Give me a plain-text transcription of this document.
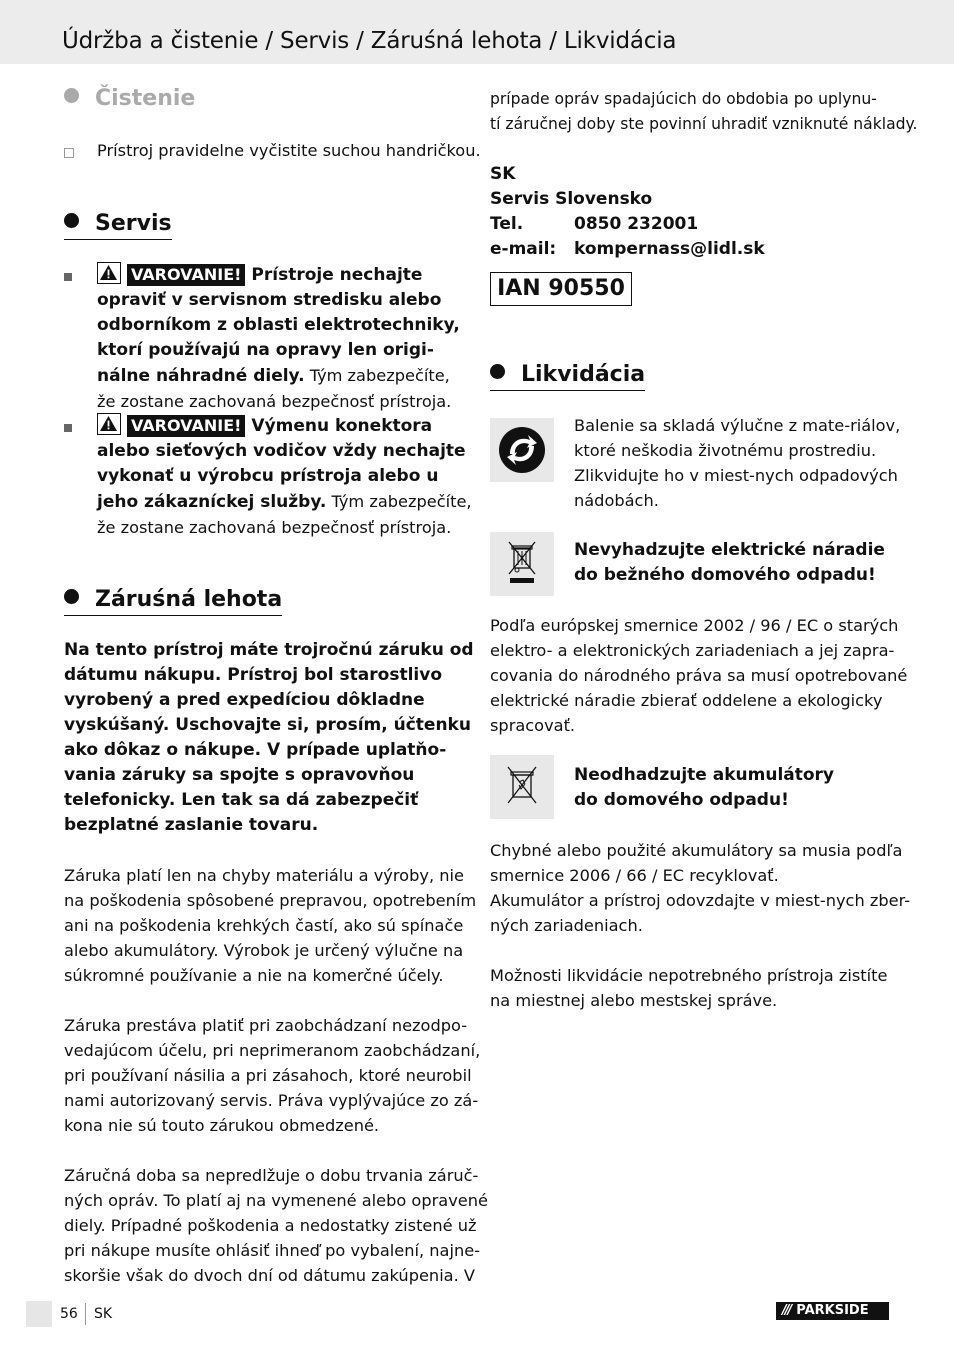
Údržba a čistenie / Servis / Záruśná lehota / Likvidácia
Čistenie
Prístroj pravidelne vyčistite suchou handričkou.
Servis
VAROVANIE! Prístroje nechajte
opraviť v servisnom stredisku alebo
odborníkom z oblasti elektrotechniky,
ktorí používajú na opravy len origi-
nálne náhradné diely. Tým zabezpečíte,
že zostane zachovaná bezpečnosť prístroja.
VAROVANIE! Výmenu konektora
alebo sieťových vodičov vždy nechajte
vykonať u výrobcu prístroja alebo u
jeho zákazníckej služby. Tým zabezpečíte,
že zostane zachovaná bezpečnosť prístroja.
Záruśná lehota
Na tento prístroj máte trojročnú záruku od
dátumu nákupu. Prístroj bol starostlivo
vyrobený a pred expedíciou dôkladne
vyskúšaný. Uschovajte si, prosím, účtenku
ako dôkaz o nákupe. V prípade uplatňo-
vania záruky sa spojte s opravovňou
telefonicky. Len tak sa dá zabezpečiť
bezplatné zaslanie tovaru.
Záruka platí len na chyby materiálu a výroby, nie
na poškodenia spôsobené prepravou, opotrebením
ani na poškodenia krehkých častí, ako sú spínače
alebo akumulátory. Výrobok je určený výlučne na
súkromné používanie a nie na komerčné účely.
Záruka prestáva platiť pri zaobchádzaní nezodpo-
vedajúcom účelu, pri neprimeranom zaobchádzaní,
pri používaní násilia a pri zásahoch, ktoré neurobil
nami autorizovaný servis. Práva vyplývajúce zo zá-
kona nie sú touto zárukou obmedzené.
Záručná doba sa nepredlžuje o dobu trvania záruč-
ných opráv. To platí aj na vymenené alebo opravené
diely. Prípadné poškodenia a nedostatky zistené už
pri nákupe musíte ohlásiť ihneď po vybalení, najne-
skoršie však do dvoch dní od dátumu zakúpenia. V
prípade opráv spadajúcich do obdobia po uplynu-
tí záručnej doby ste povinní uhradiť vzniknuté náklady.
SK
Servis Slovensko
Tel.	0850 232001
e-mail: kompernass@lidl.sk
IAN 90550
Likvidácia
Balenie sa skladá výlučne z mate-riálov,
ktoré neškodia životnému prostrediu.
Zlikvidujte ho v miest-nych odpadových
nádobách.
Nevyhadzujte elektrické náradie
do bežného domového odpadu!
Podľa európskej smernice 2002 / 96 / EC o starých
elektro- a elektronických zariadeniach a jej zapra-
covania do národného práva sa musí opotrebované
elektrické náradie zbierať oddelene a ekologicky
spracovať.
Neodhadzujte akumulátory
do domového odpadu!
Chybné alebo použité akumulátory sa musia podľa
smernice 2006 / 66 / EC recyklovať.
Akumulátor a prístroj odovzdajte v miest-nych zber-
ných zariadeniach.
Možnosti likvidácie nepotrebného prístroja zistíte
na miestnej alebo mestskej správe.
56 SK	/// PARKSIDE
